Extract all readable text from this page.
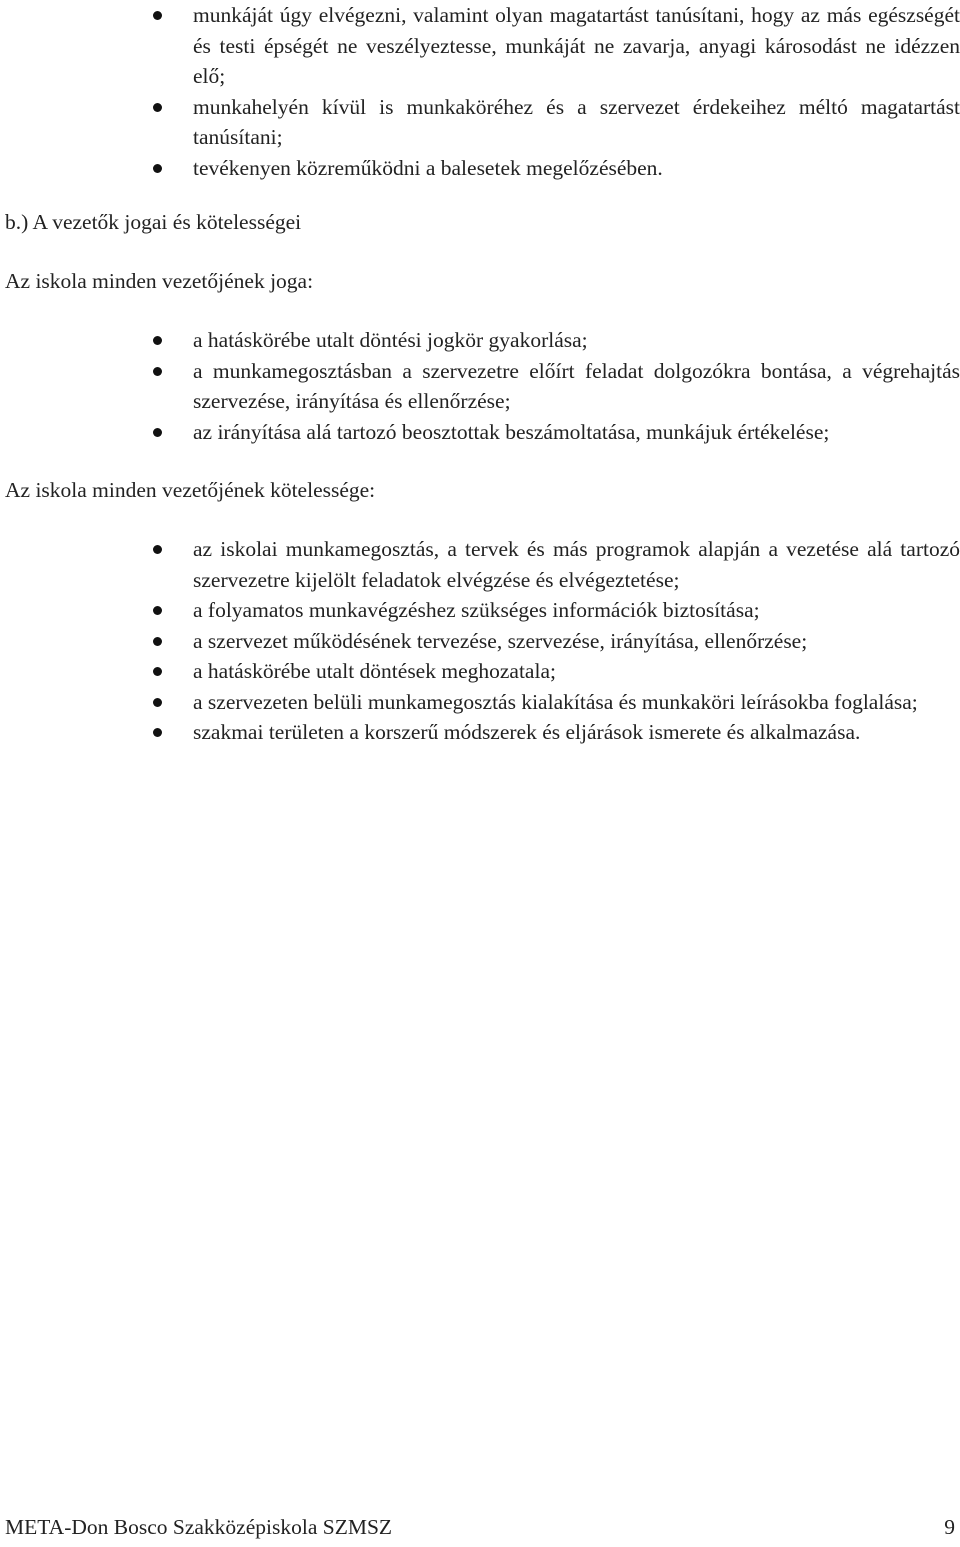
munkáját úgy elvégezni, valamint olyan magatartást tanúsítani, hogy az más egészségét és testi épségét ne veszélyeztesse, munkáját ne zavarja, anyagi károsodást ne idézzen elő;
munkahelyén kívül is munkaköréhez és a szervezet érdekeihez méltó magatartást tanúsítani;
tevékenyen közreműködni a balesetek megelőzésében.

b.) A vezetők jogai és kötelességei

Az iskola minden vezetőjének joga:

a hatáskörébe utalt döntési jogkör gyakorlása;
a munkamegosztásban a szervezetre előírt feladat dolgozókra bontása, a végrehajtás szervezése, irányítása és ellenőrzése;
az irányítása alá tartozó beosztottak beszámoltatása, munkájuk értékelése;

Az iskola minden vezetőjének kötelessége:

az iskolai munkamegosztás, a tervek és más programok alapján a vezetése alá tartozó szervezetre kijelölt feladatok elvégzése és elvégeztetése;
a folyamatos munkavégzéshez szükséges információk biztosítása;
a szervezet működésének tervezése, szervezése, irányítása, ellenőrzése;
a hatáskörébe utalt döntések meghozatala;
a szervezeten belüli munkamegosztás kialakítása és munkaköri leírásokba foglalása;
szakmai területen a korszerű módszerek és eljárások ismerete és alkalmazása.
META-Don Bosco Szakközépiskola SZMSZ	9
